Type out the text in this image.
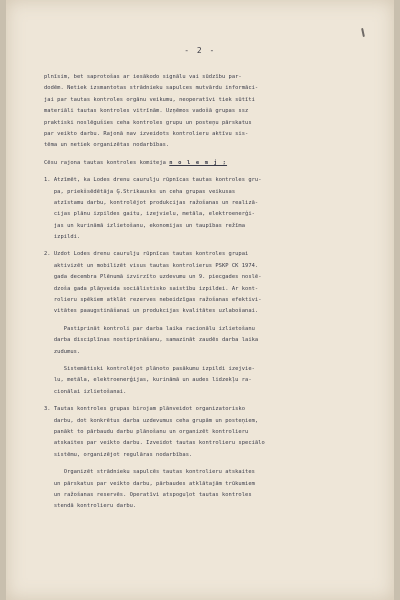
- 2 -
plnīsim, bet saprotošas ar iesākodo signālu vai sūdzību par-
dodēm. Netiek izsmantotas strādnieku sapulces mutvārdu informāci-
jai par tautas kontroles orgānu veikumu, neoperatīvi tiek sūtīti
materiāli tautas kontroles vitrīnām. Uzņēmos vadošā grupas ssz
praktiski noslēgušies ceha kontroles grupu un posteņu pārskatus
par veikto darbu. Rajonā nav izveidots kontrolieru aktīvu sis-
tēma un netiek organizētas nodarbības.
Cēsu rajona tautas kontroles komiteja n o l e m j ;
1. Atzīmēt, ka Lodes drenu caurulju rūpnīcas tautas kontroles gru-
pa, priekšsēdētāja Ģ.Strikausks un ceha grupas veikusas
atzīstamu darbu, kontrolējot produkcijas ražošanas un realizā-
cijas plānu izpildes gaitu, izejvielu, metāla, elektroenerģi-
jas un kurināmā izlietošanu, ekonomijas un taupības režīma
izpildi.
2. Uzdot Lodes drenu caurulju rūpnīcas tautas kontroles grupai
aktivizēt un mobilizēt visus tautas kontrolierus PSKP CK 1974.
gada decembra Plēnumā izvirzīto uzdevumu un 9. piecgades noslē-
dzoša gada plāņveida sociālistisko saistību izpildei. Ar kont-
rolieru spēkiem atklāt rezerves nebeidzīgas ražošanas efektivi-
vitātes paaugstināšanai un produkcijas kvalitātes uzlabošanai.
Pastiprināt kontroli par darba laika racionālu izlietošanu
darba disciplīnas nostiprināšanu, samazināt zaudēs darba laika
zudumus.
Sistemātiski kontrolējot plānoto pasākumu izpildi izejvie-
lu, metāla, elektroenerģijas, kurināmā un audes lidzekļu ra-
cionālai izlietošanai.
3. Tautas kontroles grupas birojam plānveidot organizatorisko
darbu, dot konkrētus darba uzdevumus ceha grupām un posteņiem,
panākt to pārbaudu darbu plānošanu un organizēt kontrolieru
atskaites par veikto darbu. Izveidot tautas kontrolieru speciālo
sistēmu, organizējot regulāras nodarbības.
Organizēt strādnieku sapulcēs tautas kontrolieru atskaites
un pārskatus par veikto darbu, pārbaudes atklātajām trūkumiem
un ražošanas reservēs. Operatīvi atspoguļot tautas kontroles
stendā kontrolieru darbu.
